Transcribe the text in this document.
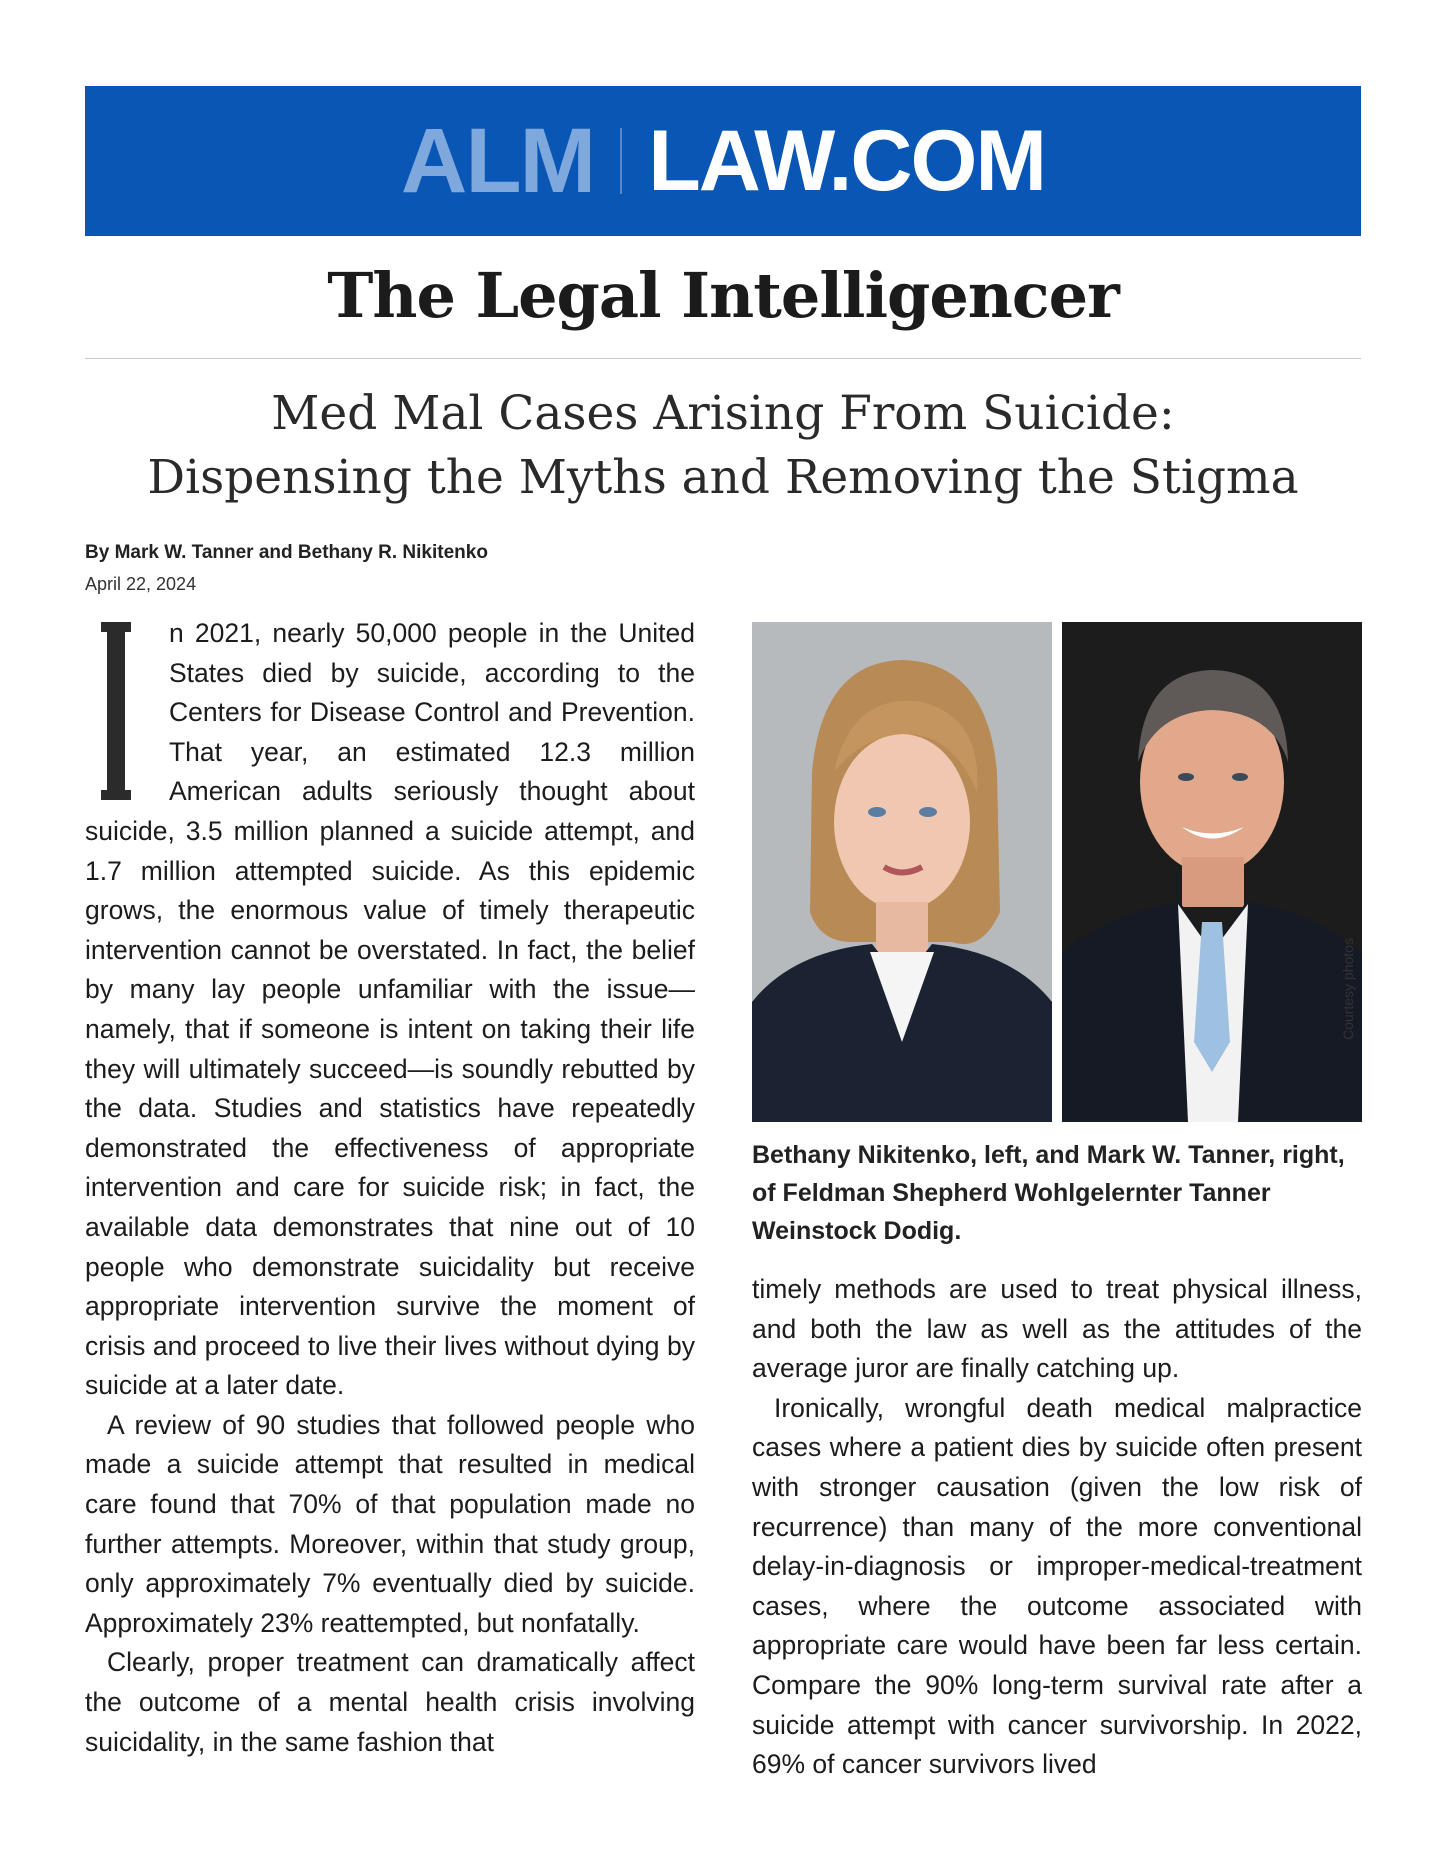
ALM LAW.COM
The Legal Intelligencer
Med Mal Cases Arising From Suicide:
Dispensing the Myths and Removing the Stigma
By Mark W. Tanner and Bethany R. Nikitenko
April 22, 2024

n 2021, nearly 50,000 people in the United States died by suicide, according to the Centers for Disease Control and Prevention. That year, an estimated 12.3 million American adults seriously thought about suicide, 3.5 million planned a suicide attempt, and 1.7 million attempted suicide. As this epidemic grows, the enormous value of timely therapeutic intervention cannot be overstated. In fact, the belief by many lay people unfamiliar with the issue—namely, that if someone is intent on taking their life they will ultimately succeed—is soundly rebutted by the data. Studies and statistics have repeatedly demonstrated the effectiveness of appropriate intervention and care for suicide risk; in fact, the available data demonstrates that nine out of 10 people who demonstrate suicidality but receive appropriate intervention survive the moment of crisis and proceed to live their lives without dying by suicide at a later date.

A review of 90 studies that followed people who made a suicide attempt that resulted in medical care found that 70% of that population made no further attempts. Moreover, within that study group, only approximately 7% eventually died by suicide. Approximately 23% reattempted, but nonfatally.

Clearly, proper treatment can dramatically affect the outcome of a mental health crisis involving suicidality, in the same fashion that

Courtesy photos
Bethany Nikitenko, left, and Mark W. Tanner, right, of Feldman Shepherd Wohlgelernter Tanner Weinstock Dodig.

timely methods are used to treat physical illness, and both the law as well as the attitudes of the average juror are finally catching up.

Ironically, wrongful death medical malpractice cases where a patient dies by suicide often present with stronger causation (given the low risk of recurrence) than many of the more conventional delay-in-diagnosis or improper-medical-treatment cases, where the outcome associated with appropriate care would have been far less certain. Compare the 90% long-term survival rate after a suicide attempt with cancer survivorship. In 2022, 69% of cancer survivors lived
